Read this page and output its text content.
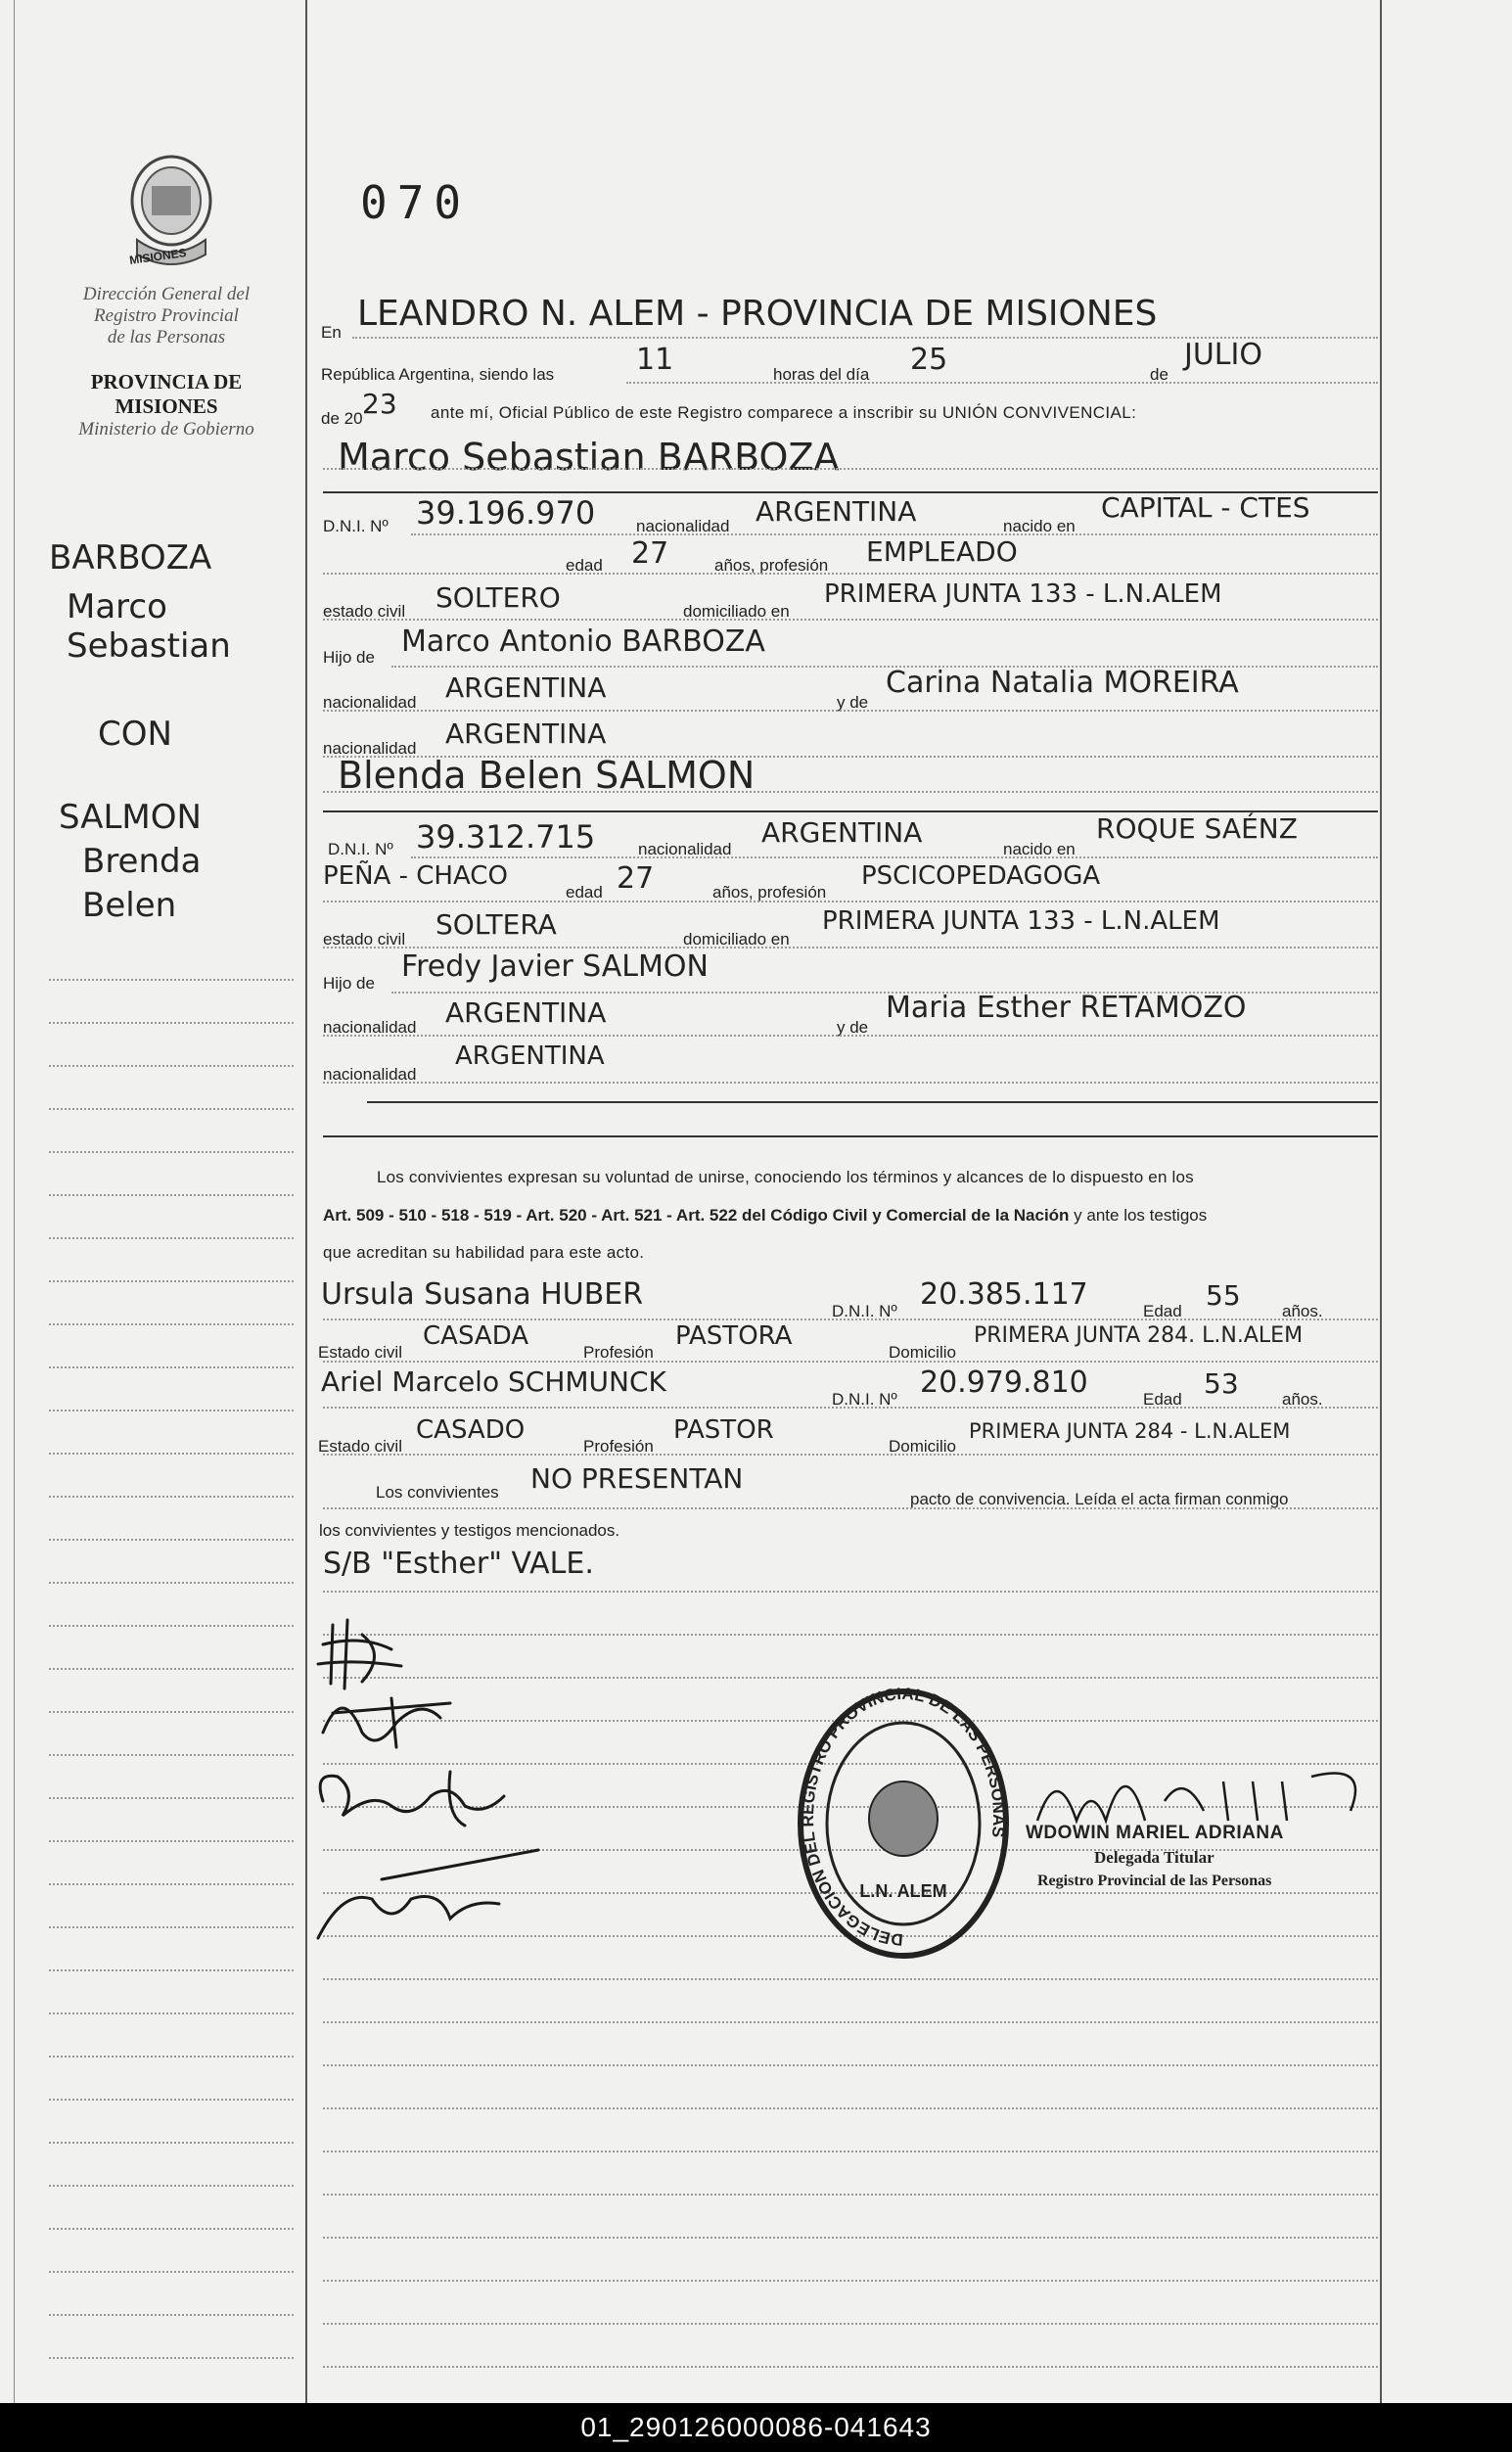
070
MISIONES
Dirección General del
Registro Provincial
de las Personas
PROVINCIA DE
MISIONES
Ministerio de Gobierno
BARBOZA
Marco
Sebastian
CON
SALMON
Brenda
Belen
En LEANDRO N. ALEM - PROVINCIA DE MISIONES
República Argentina, siendo las	11	horas del día 25	de
JULIO
de 20 23 ante mí, Oficial Público de este Registro comparece a inscribir su UNIÓN CONVIVENCIAL:
Marco Sebastian BARBOZA
D.N.I. Nº 39.196.970 nacionalidad ARGENTINA	nacido en
CAPITAL - CTES
edad 27	años, profesión EMPLEADO
estado civil SOLTERO	domiciliado en
PRIMERA JUNTA 133 - L.N.ALEM
Hijo de Marco Antonio BARBOZA
nacionalidad ARGENTINA	y de
Carina Natalia MOREIRA
nacionalidad ARGENTINA
Blenda Belen SALMON
D.N.I. Nº 39.312.715	nacionalidad
ARGENTINA
nacido en
ROQUE SAÉNZ
PEÑA - CHACO
edad 27	años, profesión
PSCICOPEDAGOGA
estado civil SOLTERA	domiciliado en
PRIMERA JUNTA 133 - L.N.ALEM
Hijo de Fredy Javier SALMON
nacionalidad ARGENTINA	y de
Maria Esther RETAMOZO
nacionalidad
ARGENTINA
Los convivientes expresan su voluntad de unirse, conociendo los términos y alcances de lo dispuesto en los
Art. 509 - 510 - 518 - 519 - Art. 520 - Art. 521 - Art. 522 del Código Civil y Comercial de la Nación y ante los testigos
que acreditan su habilidad para este acto.
Ursula Susana HUBER	D.N.I. Nº 20.385.117	Edad 55 años.
Estado civil
CASADA
Profesión
PASTORA
Domicilio
PRIMERA JUNTA 284. L.N.ALEM
Ariel Marcelo SCHMUNCK
D.N.I. Nº 20.979.810	Edad 53	años.
Estado civil
CASADO
Profesión
PASTOR
Domicilio
PRIMERA JUNTA 284 - L.N.ALEM
Los convivientes NO PRESENTAN
pacto de convivencia. Leída el acta firman conmigo
los convivientes y testigos mencionados.
S/B "Esther" VALE.
DELEGACION DEL REGISTRO PROVINCIAL DE LAS PERSONAS
L.N. ALEM
WDOWIN MARIEL ADRIANA
Delegada Titular
Registro Provincial de las Personas
01_290126000086-041643
